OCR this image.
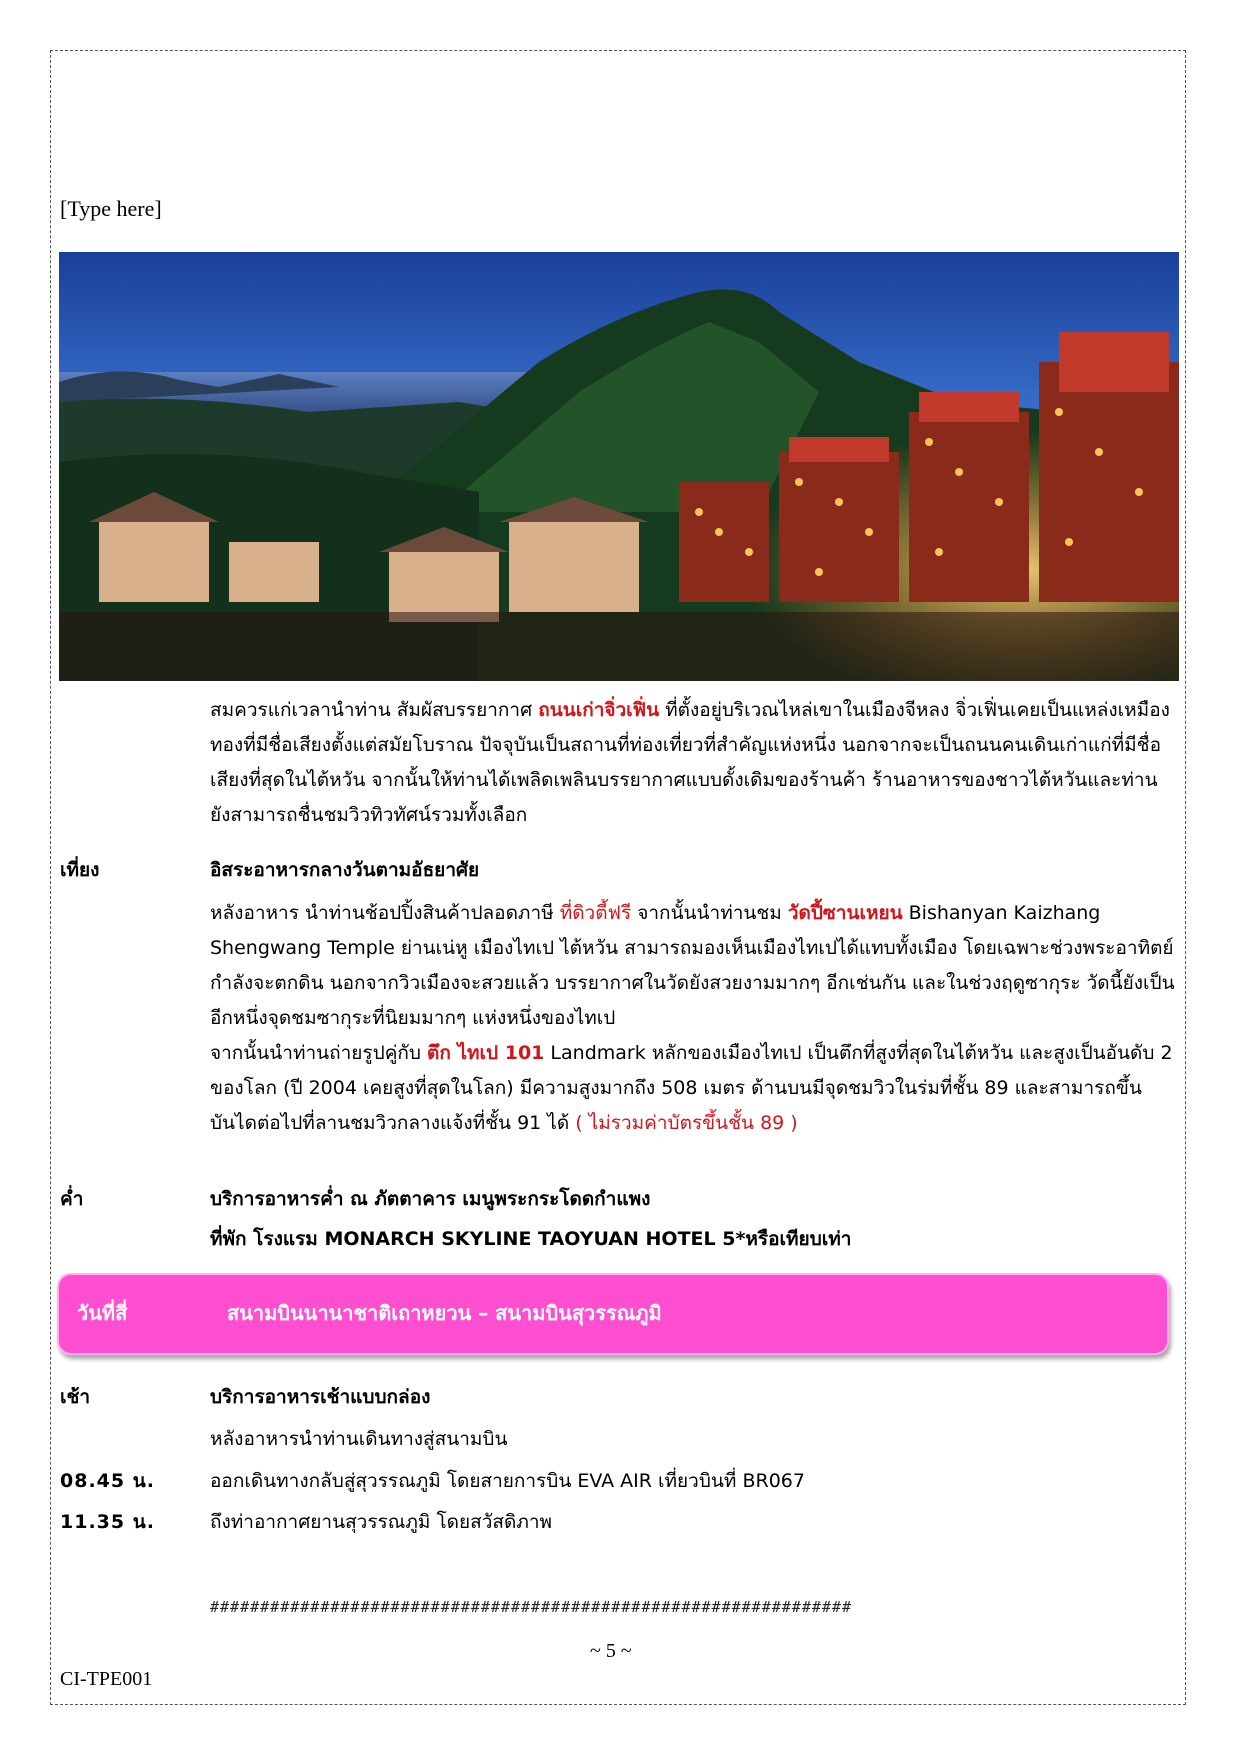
[Type here]

สมควรแก่เวลานำท่าน สัมผัสบรรยากาศ ถนนเก่าจิ่วเฟิ่น ที่ตั้งอยู่บริเวณไหล่เขาในเมืองจีหลง จิ่วเฟิ่นเคยเป็นแหล่งเหมืองทองที่มีชื่อเสียงตั้งแต่สมัยโบราณ ปัจจุบันเป็นสถานที่ท่องเที่ยวที่สำคัญแห่งหนึ่ง นอกจากจะเป็นถนนคนเดินเก่าแก่ที่มีชื่อเสียงที่สุดในไต้หวัน จากนั้นให้ท่านได้เพลิดเพลินบรรยากาศแบบดั้งเดิมของร้านค้า ร้านอาหารของชาวไต้หวันและท่านยังสามารถชื่นชมวิวทิวทัศน์รวมทั้งเลือก

เที่ยง	อิสระอาหารกลางวันตามอัธยาศัย

หลังอาหาร นำท่านช้อปปิ้งสินค้าปลอดภาษี ที่ดิวตี้ฟรี จากนั้นนำท่านชม วัดปี้ซานเหยน Bishanyan Kaizhang Shengwang Temple ย่านเน่หู เมืองไทเป ไต้หวัน สามารถมองเห็นเมืองไทเปได้แทบทั้งเมือง โดยเฉพาะช่วงพระอาทิตย์กำลังจะตกดิน นอกจากวิวเมืองจะสวยแล้ว บรรยากาศในวัดยังสวยงามมากๆ อีกเช่นกัน และในช่วงฤดูซากุระ วัดนี้ยังเป็นอีกหนึ่งจุดชมซากุระที่นิยมมากๆ แห่งหนึ่งของไทเป

จากนั้นนำท่านถ่ายรูปคู่กับ ตึก ไทเป 101 Landmark หลักของเมืองไทเป เป็นตึกที่สูงที่สุดในไต้หวัน และสูงเป็นอันดับ 2 ของโลก (ปี 2004 เคยสูงที่สุดในโลก) มีความสูงมากถึง 508 เมตร ด้านบนมีจุดชมวิวในร่มที่ชั้น 89 และสามารถขึ้นบันไดต่อไปที่ลานชมวิวกลางแจ้งที่ชั้น 91 ได้ ( ไม่รวมค่าบัตรขึ้นชั้น 89 )

ค่ำ	บริการอาหารค่ำ ณ ภัตตาคาร เมนูพระกระโดดกำแพง
ที่พัก โรงแรม MONARCH SKYLINE TAOYUAN HOTEL 5*หรือเทียบเท่า
วันที่สี่	สนามบินนานาชาติเถาหยวน – สนามบินสุวรรณภูมิ
เช้า	บริการอาหารเช้าแบบกล่อง
หลังอาหารนำท่านเดินทางสู่สนามบิน
08.45 น.	ออกเดินทางกลับสู่สุวรรณภูมิ โดยสายการบิน EVA AIR เที่ยวบินที่ BR067
11.35 น.	ถึงท่าอากาศยานสุวรรณภูมิ โดยสวัสดิภาพ
################################################################
~ 5 ~
CI-TPE001
